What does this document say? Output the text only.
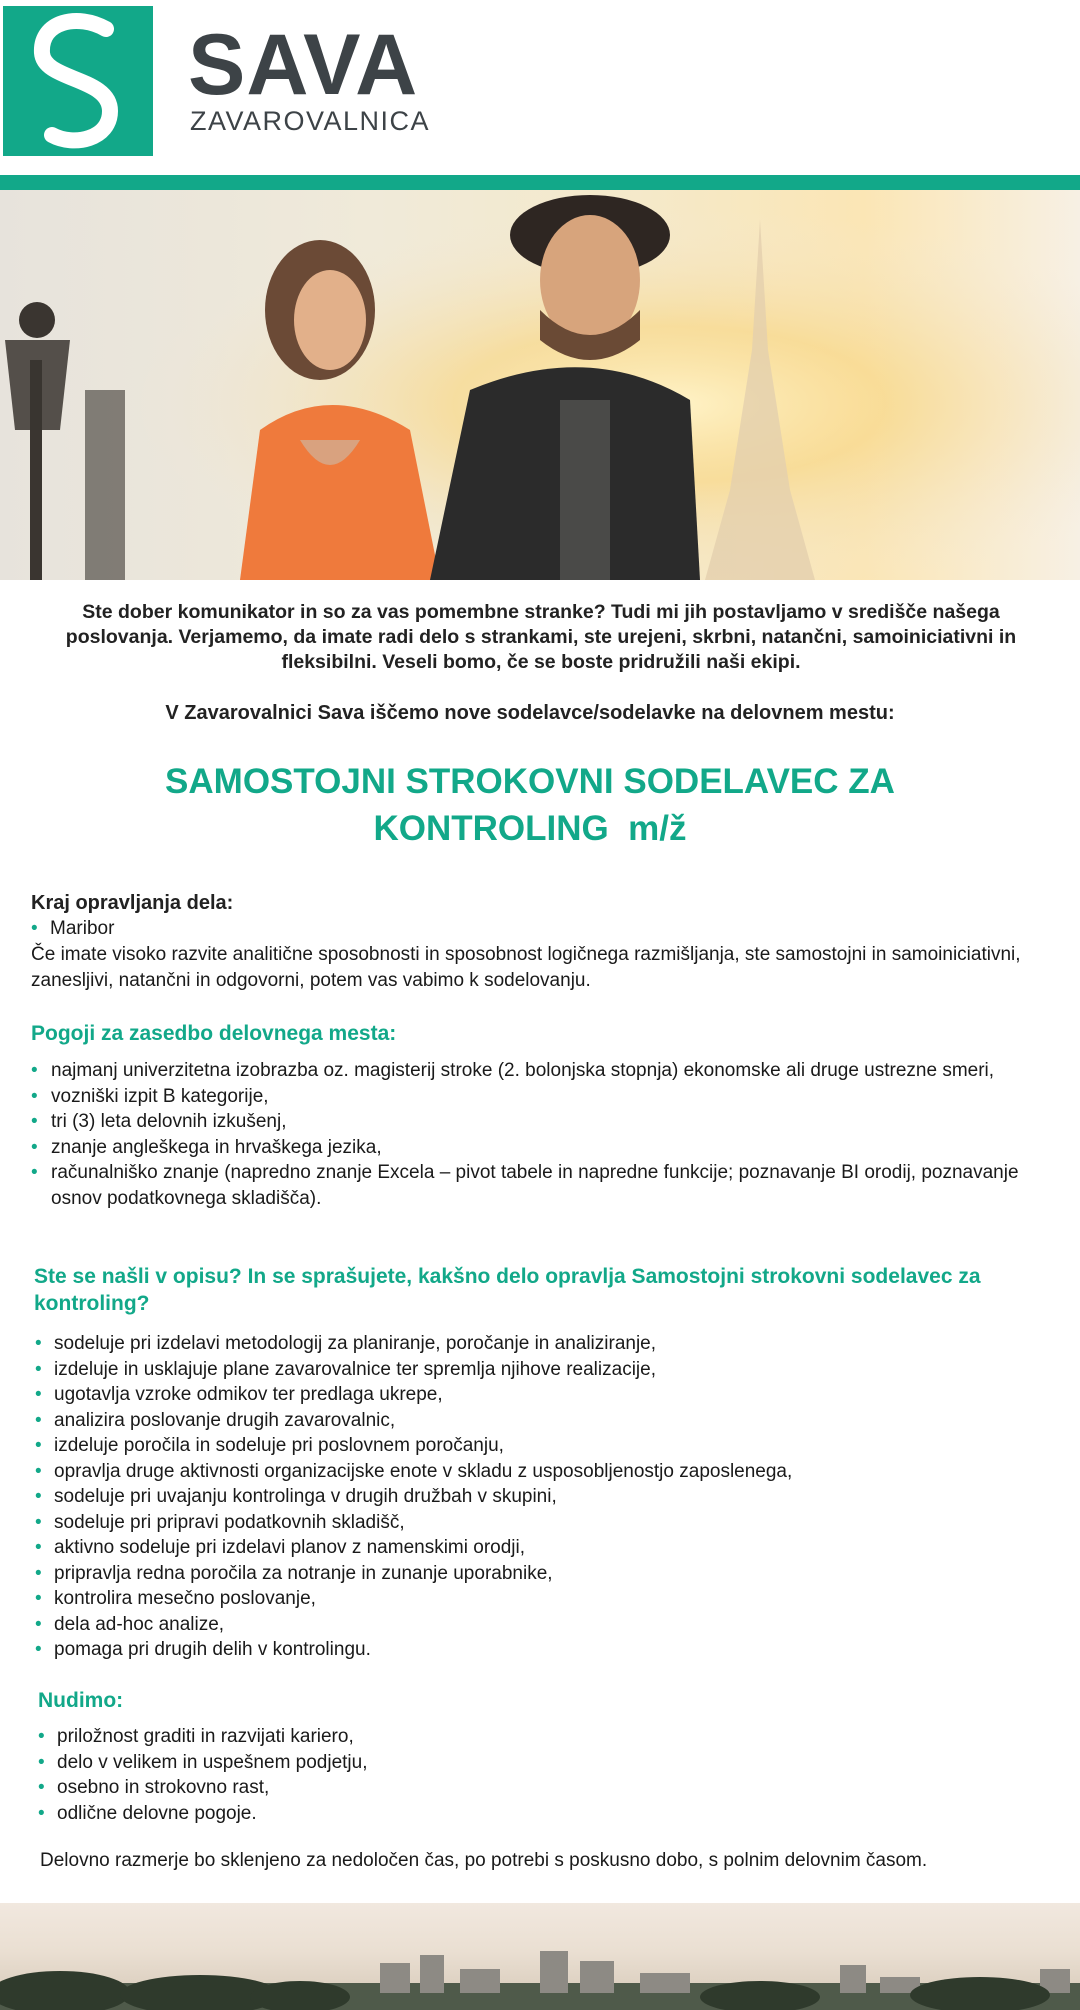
SAVA
ZAVAROVALNICA
Ste dober komunikator in so za vas pomembne stranke? Tudi mi jih postavljamo v središče našega poslovanja. Verjamemo, da imate radi delo s strankami, ste urejeni, skrbni, natančni, samoiniciativni in fleksibilni. Veseli bomo, če se boste pridružili naši ekipi.
V Zavarovalnici Sava iščemo nove sodelavce/sodelavke na delovnem mestu:
SAMOSTOJNI STROKOVNI SODELAVEC ZA
KONTROLING  m/ž
Kraj opravljanja dela:
• Maribor
Če imate visoko razvite analitične sposobnosti in sposobnost logičnega razmišljanja, ste samostojni in samoiniciativni, zanesljivi, natančni in odgovorni, potem vas vabimo k sodelovanju.
Pogoji za zasedbo delovnega mesta:
• najmanj univerzitetna izobrazba oz. magisterij stroke (2. bolonjska stopnja) ekonomske ali druge ustrezne smeri,
• vozniški izpit B kategorije,
• tri (3) leta delovnih izkušenj,
• znanje angleškega in hrvaškega jezika,
• računalniško znanje (napredno znanje Excela – pivot tabele in napredne funkcije; poznavanje BI orodij, poznavanje osnov podatkovnega skladišča).
Ste se našli v opisu? In se sprašujete, kakšno delo opravlja Samostojni strokovni sodelavec za kontroling?
• sodeluje pri izdelavi metodologij za planiranje, poročanje in analiziranje,
• izdeluje in usklajuje plane zavarovalnice ter spremlja njihove realizacije,
• ugotavlja vzroke odmikov ter predlaga ukrepe,
• analizira poslovanje drugih zavarovalnic,
• izdeluje poročila in sodeluje pri poslovnem poročanju,
• opravlja druge aktivnosti organizacijske enote v skladu z usposobljenostjo zaposlenega,
• sodeluje pri uvajanju kontrolinga v drugih družbah v skupini,
• sodeluje pri pripravi podatkovnih skladišč,
• aktivno sodeluje pri izdelavi planov z namenskimi orodji,
• pripravlja redna poročila za notranje in zunanje uporabnike,
• kontrolira mesečno poslovanje,
• dela ad-hoc analize,
• pomaga pri drugih delih v kontrolingu.
Nudimo:
• priložnost graditi in razvijati kariero,
• delo v velikem in uspešnem podjetju,
• osebno in strokovno rast,
• odlične delovne pogoje.
Delovno razmerje bo sklenjeno za nedoločen čas, po potrebi s poskusno dobo, s polnim delovnim časom.
